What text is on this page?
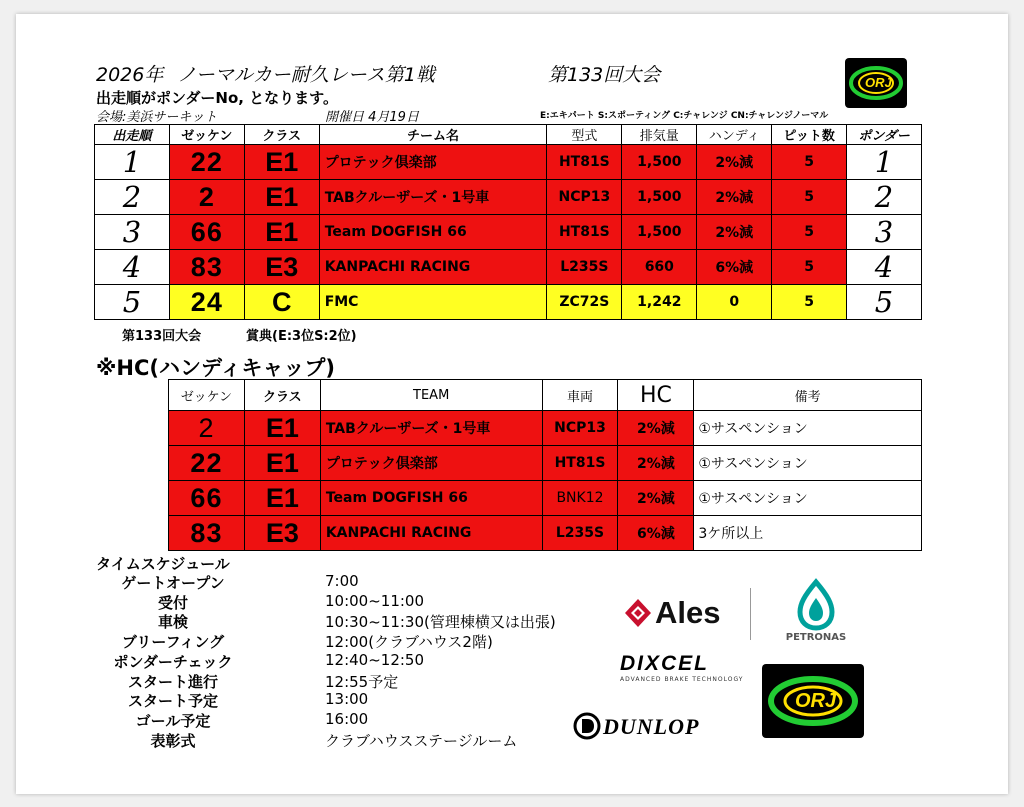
2026年 ノーマルカー耐久レース第1戦	第133回大会
出走順がポンダーNo, となります。
会場:美浜サーキット	開催日 4月19日	E:エキパート S:スポーティング C:チャレンジ CN:チャレンジノーマル
ORJ
出走順	ゼッケン	クラス	チーム名	型式	排気量	ハンディ	ピット数	ポンダー
1	22	E1	プロテック倶楽部	HT81S	1,500	2%減	5	1
2	2	E1	TABクルーザーズ・1号車	NCP13	1,500	2%減	5	2
3	66	E1	Team DOGFISH 66	HT81S	1,500	2%減	5	3
4	83	E3	KANPACHI RACING	L235S	660	6%減	5	4
5	24	C	FMC	ZC72S	1,242	0	5	5
第133回大会	賞典(E:3位S:2位)
※HC(ハンディキャップ)
ゼッケン	クラス	TEAM	車両	HC	備考
2	E1	TABクルーザーズ・1号車	NCP13	2%減	①サスペンション
22	E1	プロテック倶楽部	HT81S	2%減	①サスペンション
66	E1	Team DOGFISH 66	BNK12	2%減	①サスペンション
83	E3	KANPACHI RACING	L235S	6%減	3ケ所以上
タイムスケジュール
ゲートオープン	7:00
受付	10:00~11:00
車検	10:30~11:30(管理棟横又は出張)
ブリーフィング	12:00(クラブハウス2階)
ポンダーチェック	12:40~12:50
スタート進行	12:55予定
スタート予定	13:00
ゴール予定	16:00
表彰式	クラブハウスステージルーム
Ales
PETRONAS
DIXCEL
ADVANCED BRAKE TECHNOLOGY
DUNLOP
ORJ
